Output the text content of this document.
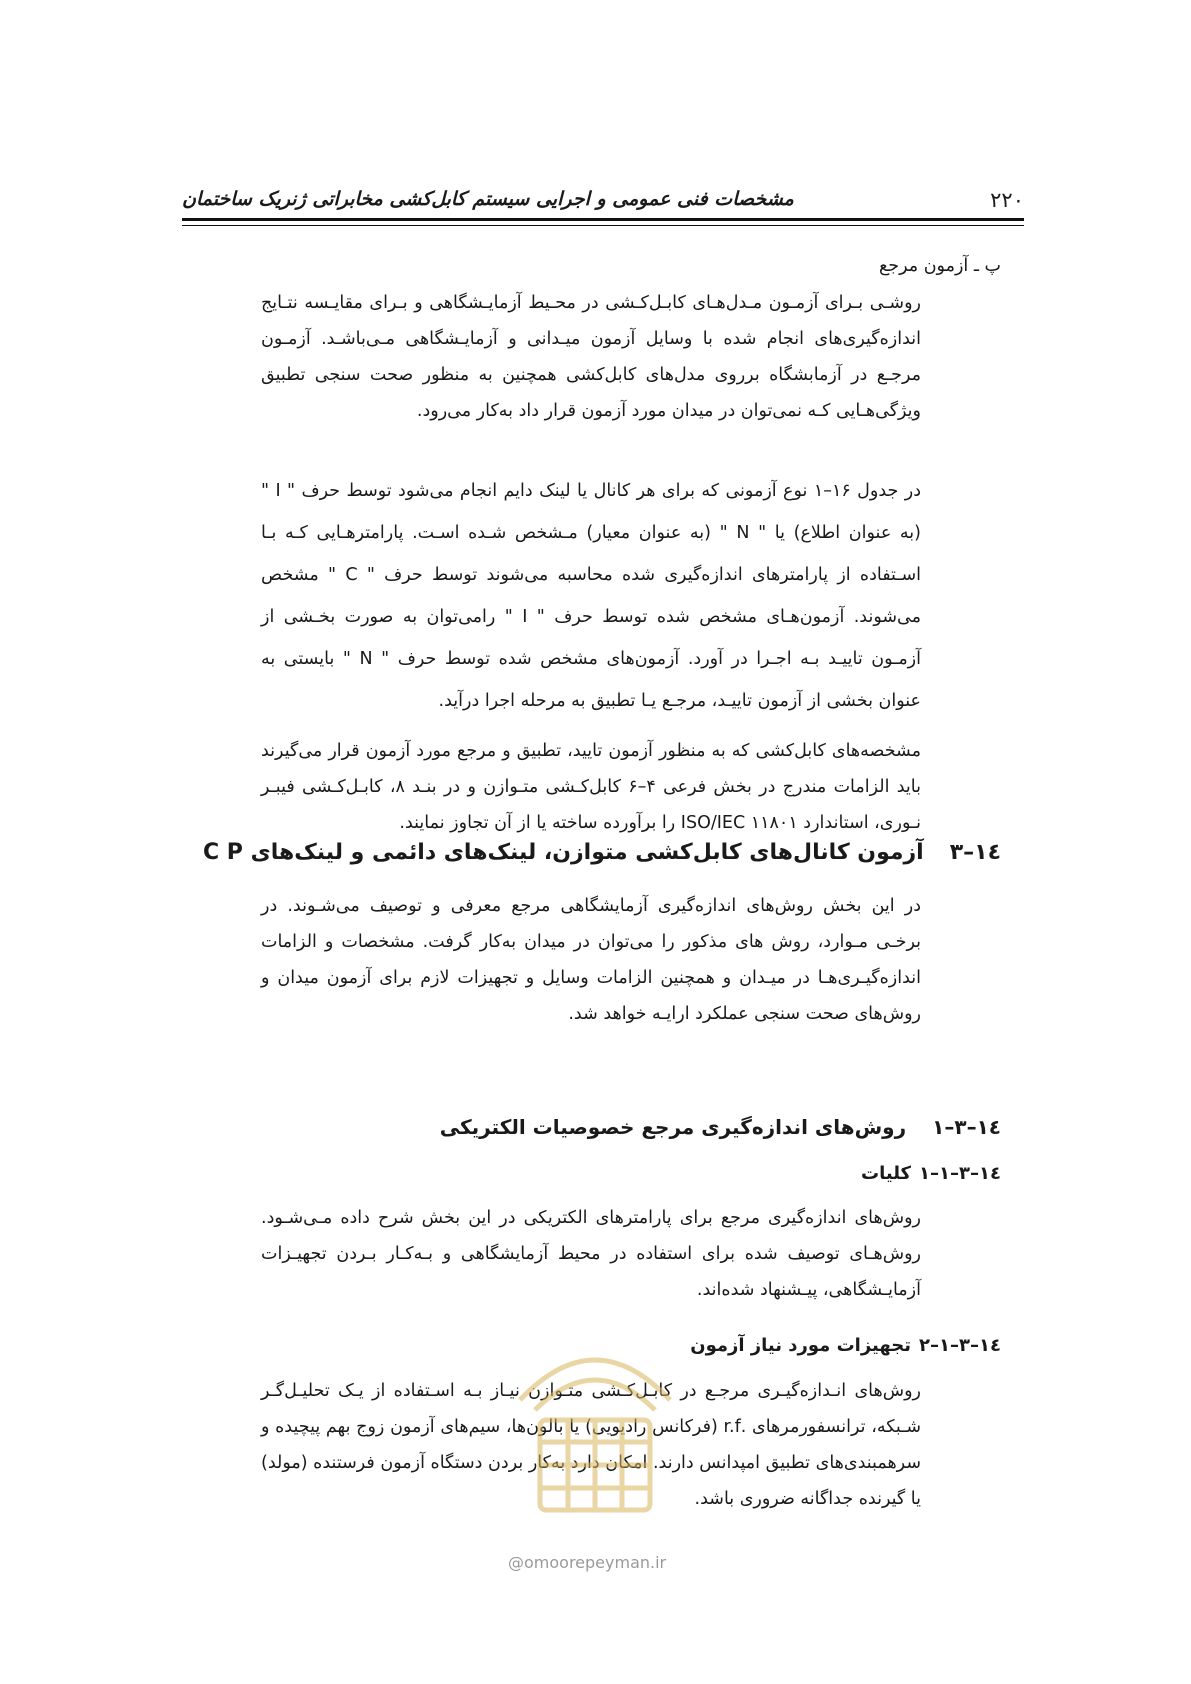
۲۲۰
مشخصات فنی عمومی و اجرایی سیستم کابل‌کشی مخابراتی ژنریک ساختمان

پ ـ آزمون مرجع

روشـی بـرای آزمـون مـدل‌هـای کابـل‌کـشی در محـیط آزمایـشگاهی و بـرای مقایـسه نتـایج اندازه‌گیری‌های انجام شده با وسایل آزمون میـدانی و آزمایـشگاهی مـی‌باشـد. آزمـون مرجـع در آزمابشگاه برروی مدل‌های کابل‌کشی همچنین به منظور صحت سنجی تطبیق ویژگی‌هـایی کـه نمی‌توان در میدان مورد آزمون قرار داد به‌کار می‌رود.

در جدول ۱۶–۱ نوع آزمونی که برای هر کانال یا لینک دایم انجام می‌شود توسط حرف " I " (به عنوان اطلاع) یا " N " (به عنوان معیار) مـشخص شـده اسـت. پارامترهـایی کـه بـا اسـتفاده از پارامترهای اندازه‌گیری شده محاسبه می‌شوند توسط حرف " C " مشخص می‌شوند. آزمون‌هـای مشخص شده توسط حرف " I " رامی‌توان به صورت بخـشی از آزمـون تاییـد بـه اجـرا در آورد. آزمون‌های مشخص شده توسط حرف " N " بایستی به عنوان بخشی از آزمون تاییـد، مرجـع یـا تطبیق به مرحله اجرا درآید.

مشخصه‌های کابل‌کشی که به منظور آزمون تایید، تطبیق و مرجع مورد آزمون قرار می‌گیرند باید الزامات مندرج در بخش فرعی ۴–۶ کابل‌کـشی متـوازن و در بنـد ۸، کابـل‌کـشی فیبـر نـوری، استاندارد ISO/IEC ۱۱۸۰۱ را برآورده ساخته یا از آن تجاوز نمایند.

۱٤–۳آزمون کانال‌های کابل‌کشی متوازن، لینک‌های دائمی و لینک‌های C P

در این بخش روش‌های اندازه‌گیری آزمایشگاهی مرجع معرفی و توصیف می‌شـوند. در برخـی مـوارد، روش های مذکور را می‌توان در میدان به‌کار گرفت. مشخصات و الزامات اندازه‌گیـری‌هـا در میـدان و همچنین الزامات وسایل و تجهیزات لازم برای آزمون میدان و روش‌های صحت سنجی عملکرد ارایـه خواهد شد.

۱٤–۳–۱روش‌های اندازه‌گیری مرجع خصوصیات الکتریکی
۱٤–۳–۱–۱کلیات

روش‌های اندازه‌گیری مرجع برای پارامترهای الکتریکی در این بخش شرح داده مـی‌شـود. روش‌هـای توصیف شده برای استفاده در محیط آزمایشگاهی و بـه‌کـار بـردن تجهیـزات آزمایـشگاهی، پیـشنهاد شده‌اند.

۱٤–۳–۱–۲تجهیزات مورد نیاز آزمون

روش‌های انـدازه‌گیـری مرجـع در کابـل‌کـشی متـوازن نیـاز بـه اسـتفاده از یـک تحلیـل‌گـر شـبکه، ترانسفورمرهای .r.f (فرکانس رادیویی) یا بالون‌ها، سیم‌های آزمون زوج بهم پیچیده و سرهمبندی‌های تطبیق امپدانس دارند. امکان دارد به‌کار بردن دستگاه آزمون فرستنده (مولد) یا گیرنده جداگانه ضروری باشد.

@omoorepeyman.ir
